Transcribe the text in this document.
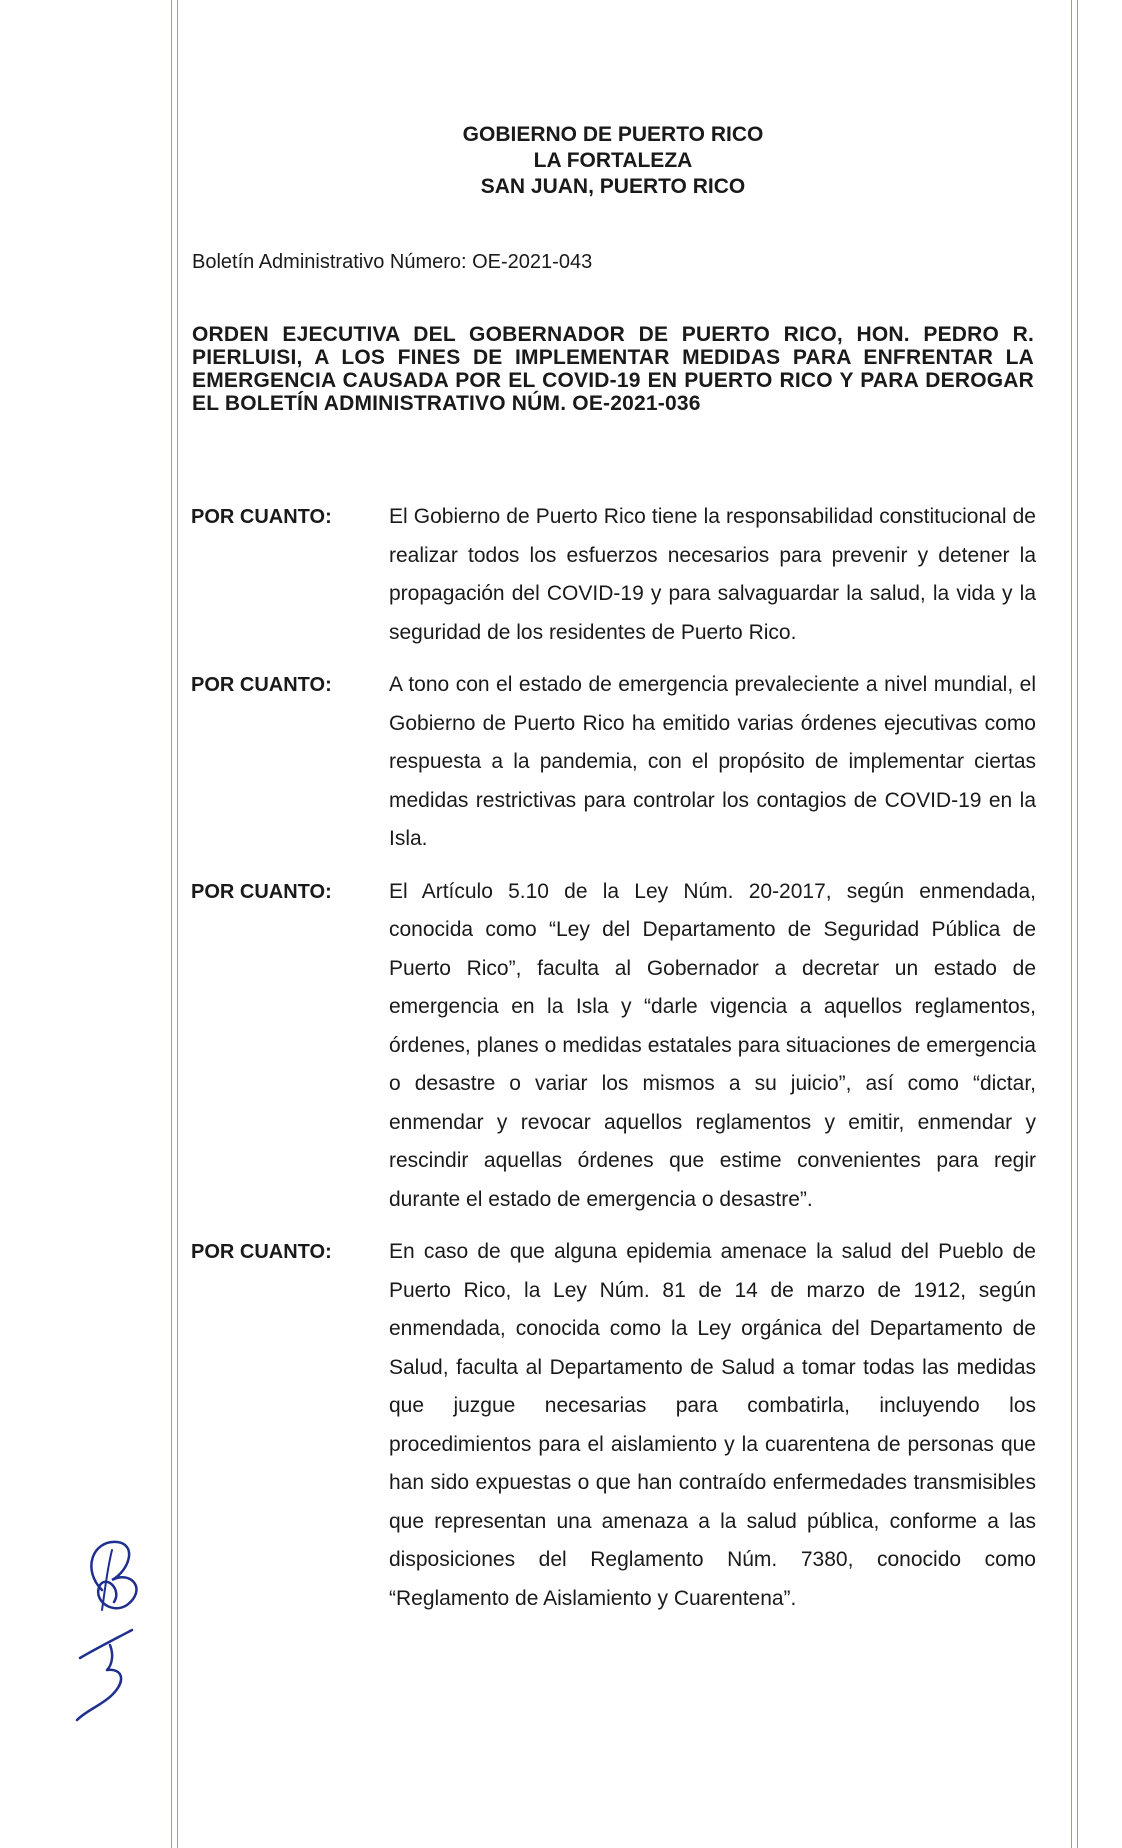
GOBIERNO DE PUERTO RICO
LA FORTALEZA
SAN JUAN, PUERTO RICO
Boletín Administrativo Número: OE-2021-043
ORDEN EJECUTIVA DEL GOBERNADOR DE PUERTO RICO, HON. PEDRO R. PIERLUISI, A LOS FINES DE IMPLEMENTAR MEDIDAS PARA ENFRENTAR LA EMERGENCIA CAUSADA POR EL COVID-19 EN PUERTO RICO Y PARA DEROGAR EL BOLETÍN ADMINISTRATIVO NÚM. OE-2021-036
POR CUANTO:	El Gobierno de Puerto Rico tiene la responsabilidad constitucional de realizar todos los esfuerzos necesarios para prevenir y detener la propagación del COVID-19 y para salvaguardar la salud, la vida y la seguridad de los residentes de Puerto Rico.
POR CUANTO:	A tono con el estado de emergencia prevaleciente a nivel mundial, el Gobierno de Puerto Rico ha emitido varias órdenes ejecutivas como respuesta a la pandemia, con el propósito de implementar ciertas medidas restrictivas para controlar los contagios de COVID-19 en la Isla.
POR CUANTO:	El Artículo 5.10 de la Ley Núm. 20-2017, según enmendada, conocida como “Ley del Departamento de Seguridad Pública de Puerto Rico”, faculta al Gobernador a decretar un estado de emergencia en la Isla y “darle vigencia a aquellos reglamentos, órdenes, planes o medidas estatales para situaciones de emergencia o desastre o variar los mismos a su juicio”, así como “dictar, enmendar y revocar aquellos reglamentos y emitir, enmendar y rescindir aquellas órdenes que estime convenientes para regir durante el estado de emergencia o desastre”.
POR CUANTO:	En caso de que alguna epidemia amenace la salud del Pueblo de Puerto Rico, la Ley Núm. 81 de 14 de marzo de 1912, según enmendada, conocida como la Ley orgánica del Departamento de Salud, faculta al Departamento de Salud a tomar todas las medidas que juzgue necesarias para combatirla, incluyendo los procedimientos para el aislamiento y la cuarentena de personas que han sido expuestas o que han contraído enfermedades transmisibles que representan una amenaza a la salud pública, conforme a las disposiciones del Reglamento Núm. 7380, conocido como “Reglamento de Aislamiento y Cuarentena”.
